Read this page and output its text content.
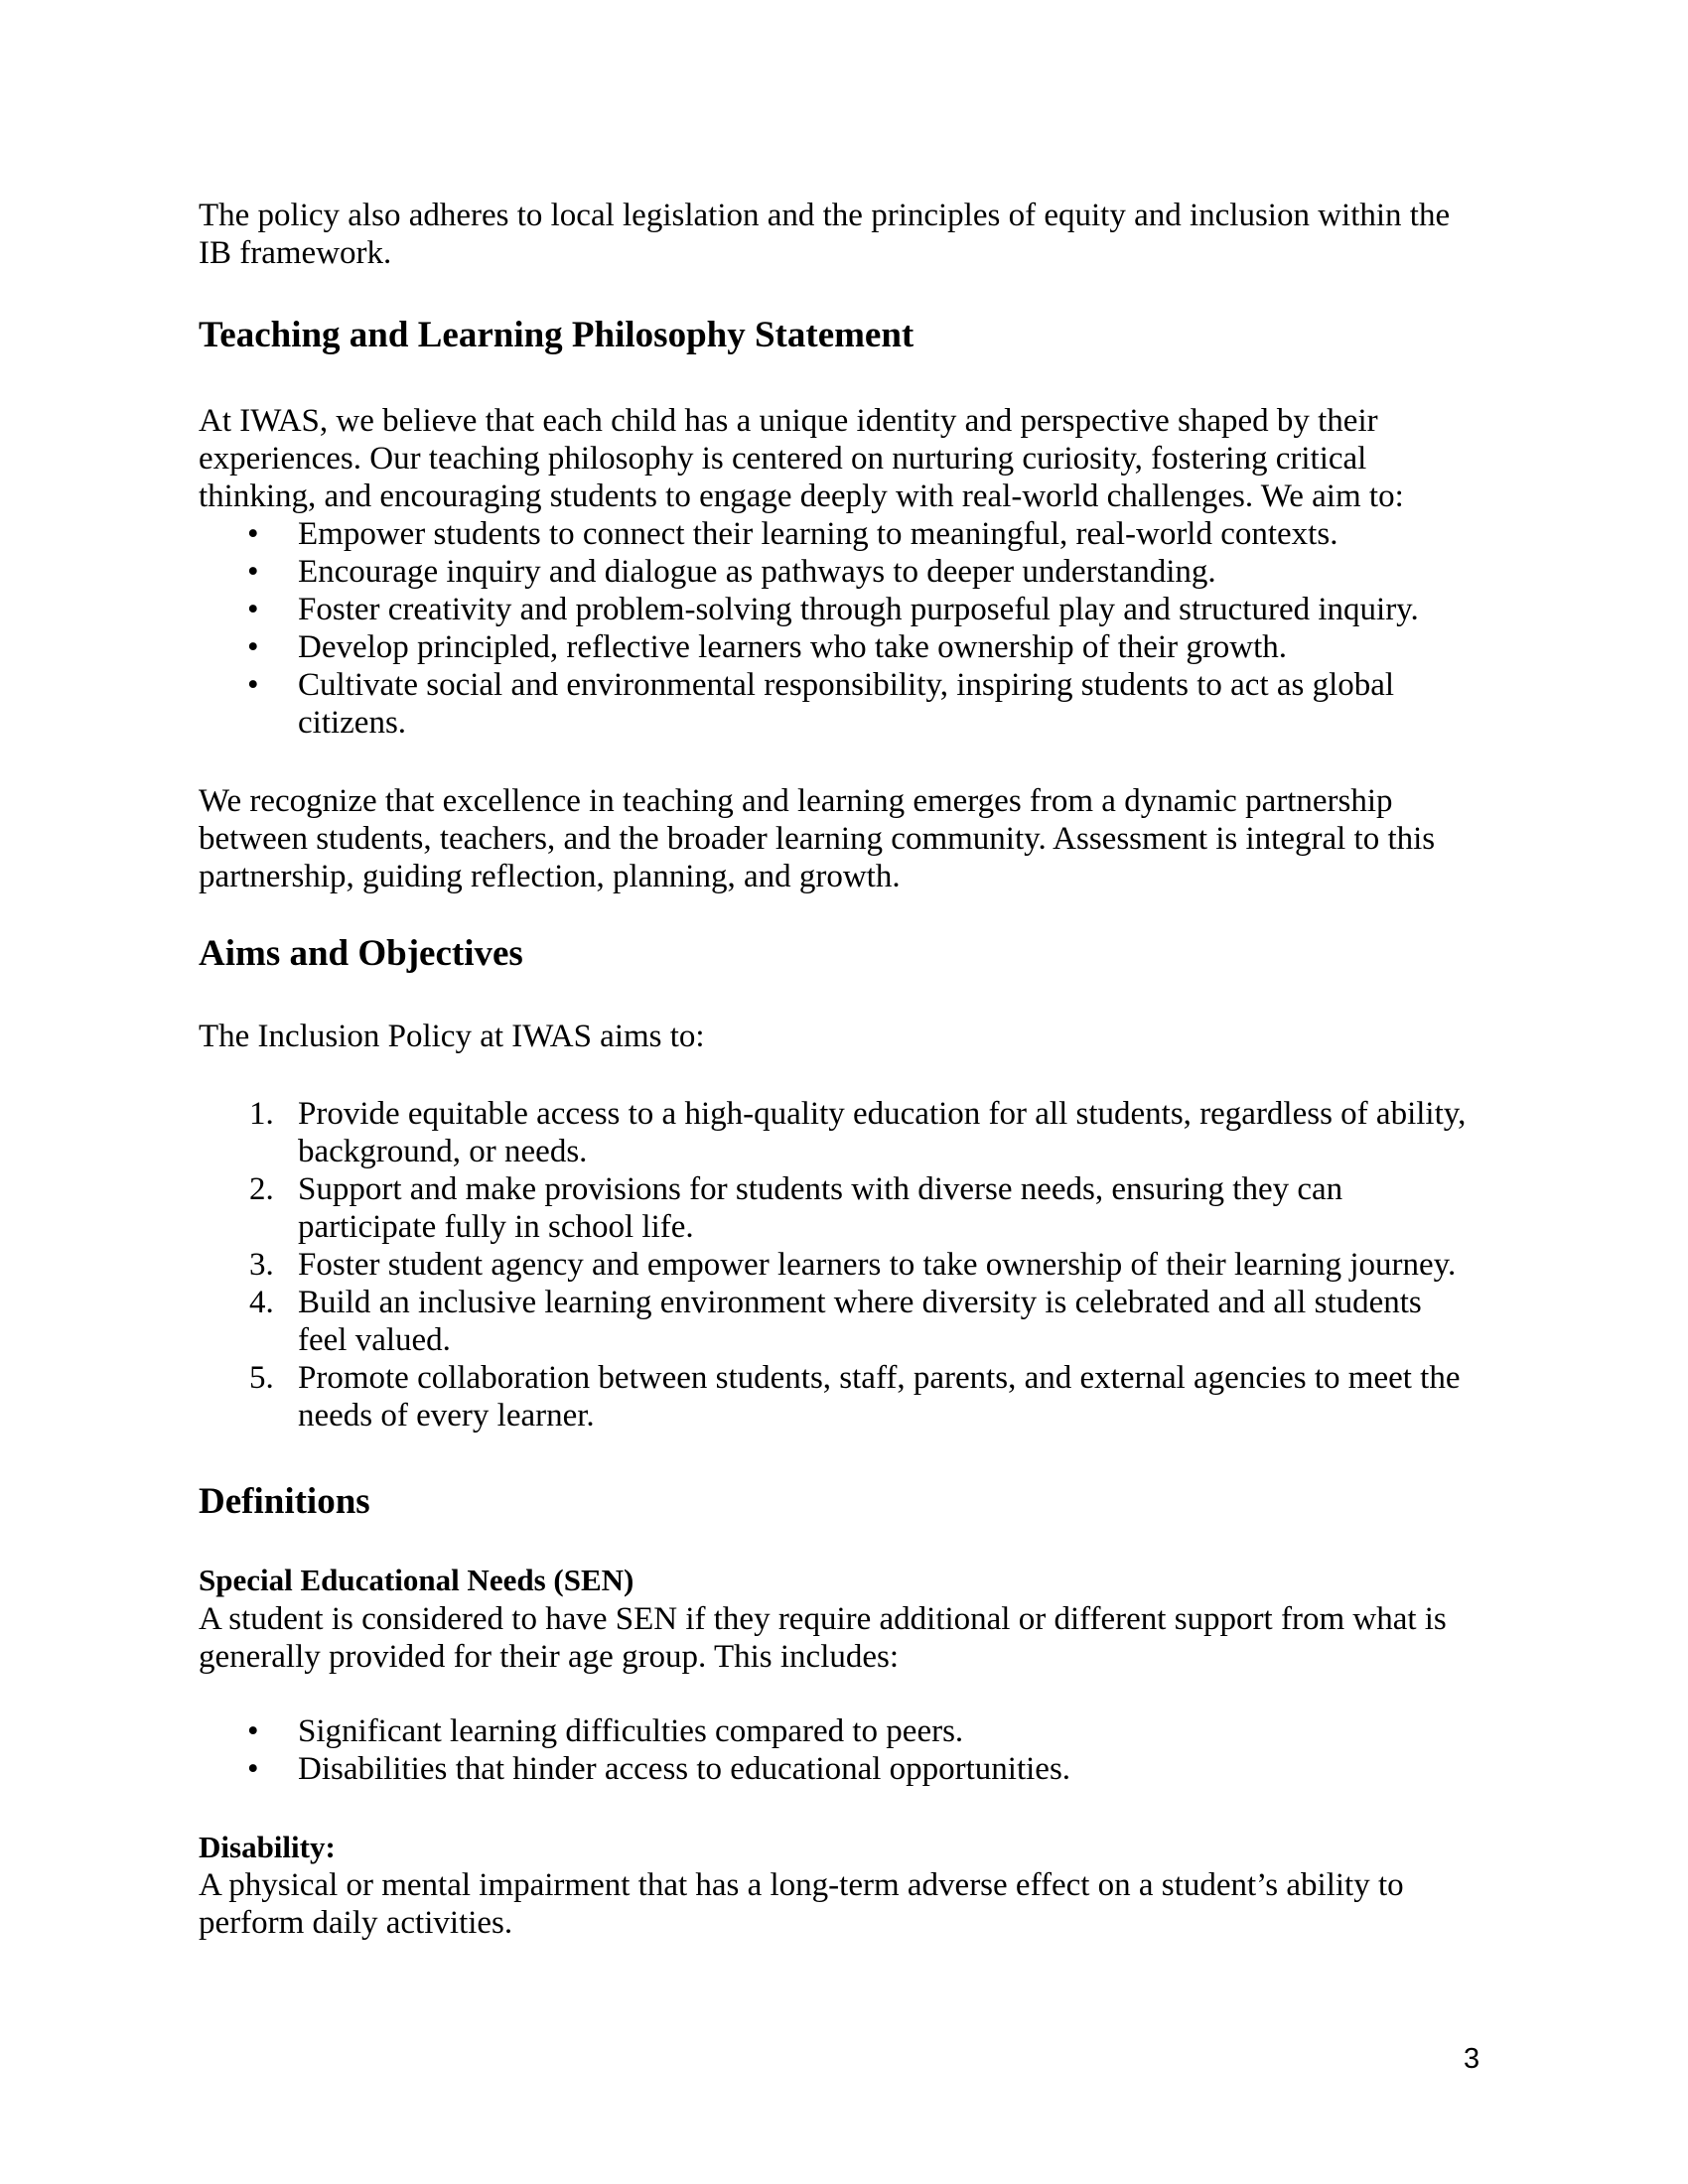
The policy also adheres to local legislation and the principles of equity and inclusion within the
IB framework.
Teaching and Learning Philosophy Statement
At IWAS, we believe that each child has a unique identity and perspective shaped by their
experiences. Our teaching philosophy is centered on nurturing curiosity, fostering critical
thinking, and encouraging students to engage deeply with real-world challenges. We aim to:
• Empower students to connect their learning to meaningful, real-world contexts.
• Encourage inquiry and dialogue as pathways to deeper understanding.
• Foster creativity and problem-solving through purposeful play and structured inquiry.
• Develop principled, reflective learners who take ownership of their growth.
• Cultivate social and environmental responsibility, inspiring students to act as global
citizens.
We recognize that excellence in teaching and learning emerges from a dynamic partnership
between students, teachers, and the broader learning community. Assessment is integral to this
partnership, guiding reflection, planning, and growth.
Aims and Objectives
The Inclusion Policy at IWAS aims to:
1. Provide equitable access to a high-quality education for all students, regardless of ability,
background, or needs.
2. Support and make provisions for students with diverse needs, ensuring they can
participate fully in school life.
3. Foster student agency and empower learners to take ownership of their learning journey.
4. Build an inclusive learning environment where diversity is celebrated and all students
feel valued.
5. Promote collaboration between students, staff, parents, and external agencies to meet the
needs of every learner.
Definitions
Special Educational Needs (SEN)
A student is considered to have SEN if they require additional or different support from what is
generally provided for their age group. This includes:
• Significant learning difficulties compared to peers.
• Disabilities that hinder access to educational opportunities.
Disability:
A physical or mental impairment that has a long-term adverse effect on a student’s ability to
perform daily activities.
3
